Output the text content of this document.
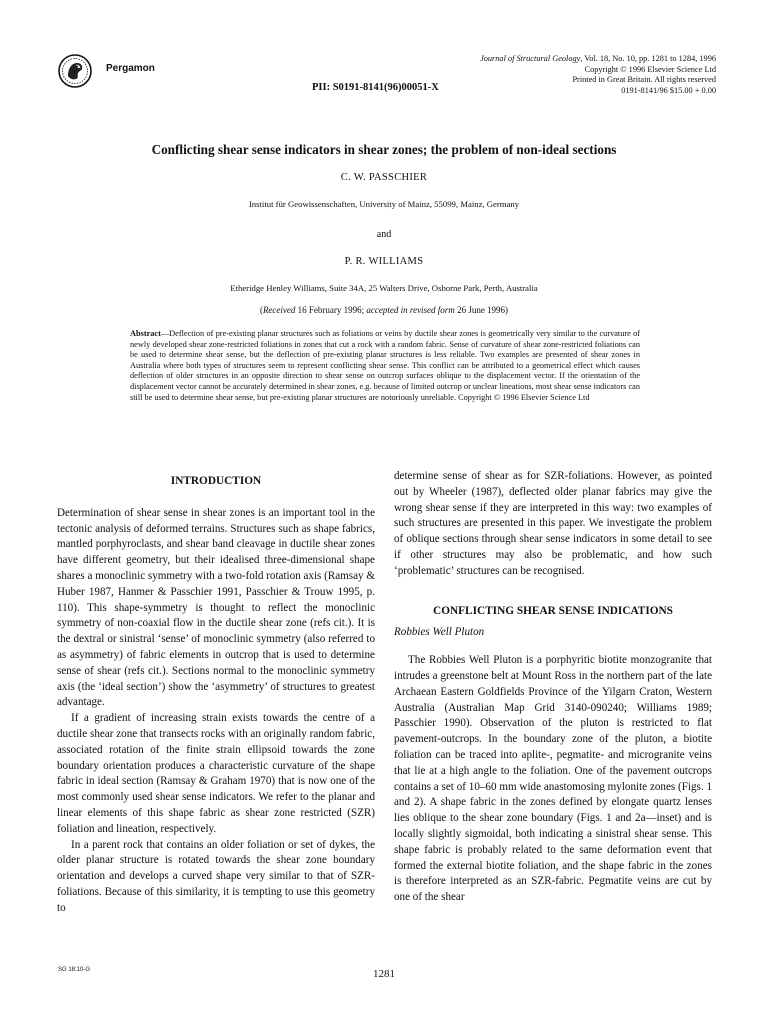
Pergamon
Journal of Structural Geology, Vol. 18, No. 10, pp. 1281 to 1284, 1996
Copyright © 1996 Elsevier Science Ltd
Printed in Great Britain. All rights reserved
0191-8141/96 $15.00 + 0.00
PII: S0191-8141(96)00051-X
Conflicting shear sense indicators in shear zones; the problem of non-ideal sections
C. W. PASSCHIER
Institut für Geowissenschaften, University of Mainz, 55099, Mainz, Germany
and
P. R. WILLIAMS
Etheridge Henley Williams, Suite 34A, 25 Walters Drive, Osborne Park, Perth, Australia
(Received 16 February 1996; accepted in revised form 26 June 1996)
Abstract—Deflection of pre-existing planar structures such as foliations or veins by ductile shear zones is geometrically very similar to the curvature of newly developed shear zone-restricted foliations in zones that cut a rock with a random fabric. Sense of curvature of shear zone-restricted foliations can be used to determine shear sense, but the deflection of pre-existing planar structures is less reliable. Two examples are presented of shear zones in Australia where both types of structures seem to represent conflicting shear sense. This conflict can be attributed to a geometrical effect which causes deflection of older structures in an opposite direction to shear sense on outcrop surfaces oblique to the displacement vector. If the orientation of the displacement vector cannot be accurately determined in shear zones, e.g. because of limited outcrop or unclear lineations, most shear sense indicators can still be used to determine shear sense, but pre-existing planar structures are notoriously unreliable. Copyright © 1996 Elsevier Science Ltd

INTRODUCTION

Determination of shear sense in shear zones is an important tool in the tectonic analysis of deformed terrains. Structures such as shape fabrics, mantled porphyroclasts, and shear band cleavage in ductile shear zones have different geometry, but their idealised three-dimensional shape shares a monoclinic symmetry with a two-fold rotation axis (Ramsay & Huber 1987, Hanmer & Passchier 1991, Passchier & Trouw 1995, p. 110). This shape-symmetry is thought to reflect the monoclinic symmetry of non-coaxial flow in the ductile shear zone (refs cit.). It is the dextral or sinistral ‘sense’ of monoclinic symmetry (also referred to as asymmetry) of fabric elements in outcrop that is used to determine sense of shear (refs cit.). Sections normal to the monoclinic symmetry axis (the ‘ideal section’) show the ‘asymmetry’ of structures to greatest advantage.

If a gradient of increasing strain exists towards the centre of a ductile shear zone that transects rocks with an originally random fabric, associated rotation of the finite strain ellipsoid towards the zone boundary orientation produces a characteristic curvature of the shape fabric in ideal section (Ramsay & Graham 1970) that is now one of the most commonly used shear sense indicators. We refer to the planar and linear elements of this shape fabric as shear zone restricted (SZR) foliation and lineation, respectively.

In a parent rock that contains an older foliation or set of dykes, the older planar structure is rotated towards the shear zone boundary orientation and develops a curved shape very similar to that of SZR-foliations. Because of this similarity, it is tempting to use this geometry to

determine sense of shear as for SZR-foliations. However, as pointed out by Wheeler (1987), deflected older planar fabrics may give the wrong shear sense if they are interpreted in this way: two examples of such structures are presented in this paper. We investigate the problem of oblique sections through shear sense indicators in some detail to see if other structures may also be problematic, and how such ‘problematic’ structures can be recognised.

CONFLICTING SHEAR SENSE INDICATIONS

Robbies Well Pluton

The Robbies Well Pluton is a porphyritic biotite monzogranite that intrudes a greenstone belt at Mount Ross in the northern part of the late Archaean Eastern Goldfields Province of the Yilgarn Craton, Western Australia (Australian Map Grid 3140-090240; Williams 1989; Passchier 1990). Observation of the pluton is restricted to flat pavement-outcrops. In the boundary zone of the pluton, a biotite foliation can be traced into aplite-, pegmatite- and microgranite veins that lie at a high angle to the foliation. One of the pavement outcrops contains a set of 10–60 mm wide anastomosing mylonite zones (Figs. 1 and 2). A shape fabric in the zones defined by elongate quartz lenses lies oblique to the shear zone boundary (Figs. 1 and 2a—inset) and is locally slightly sigmoidal, both indicating a sinistral shear sense. This shape fabric is probably related to the same deformation event that formed the external biotite foliation, and the shape fabric in the zones is therefore interpreted as an SZR-fabric. Pegmatite veins are cut by one of the shear

SG 18:10-G	1281
